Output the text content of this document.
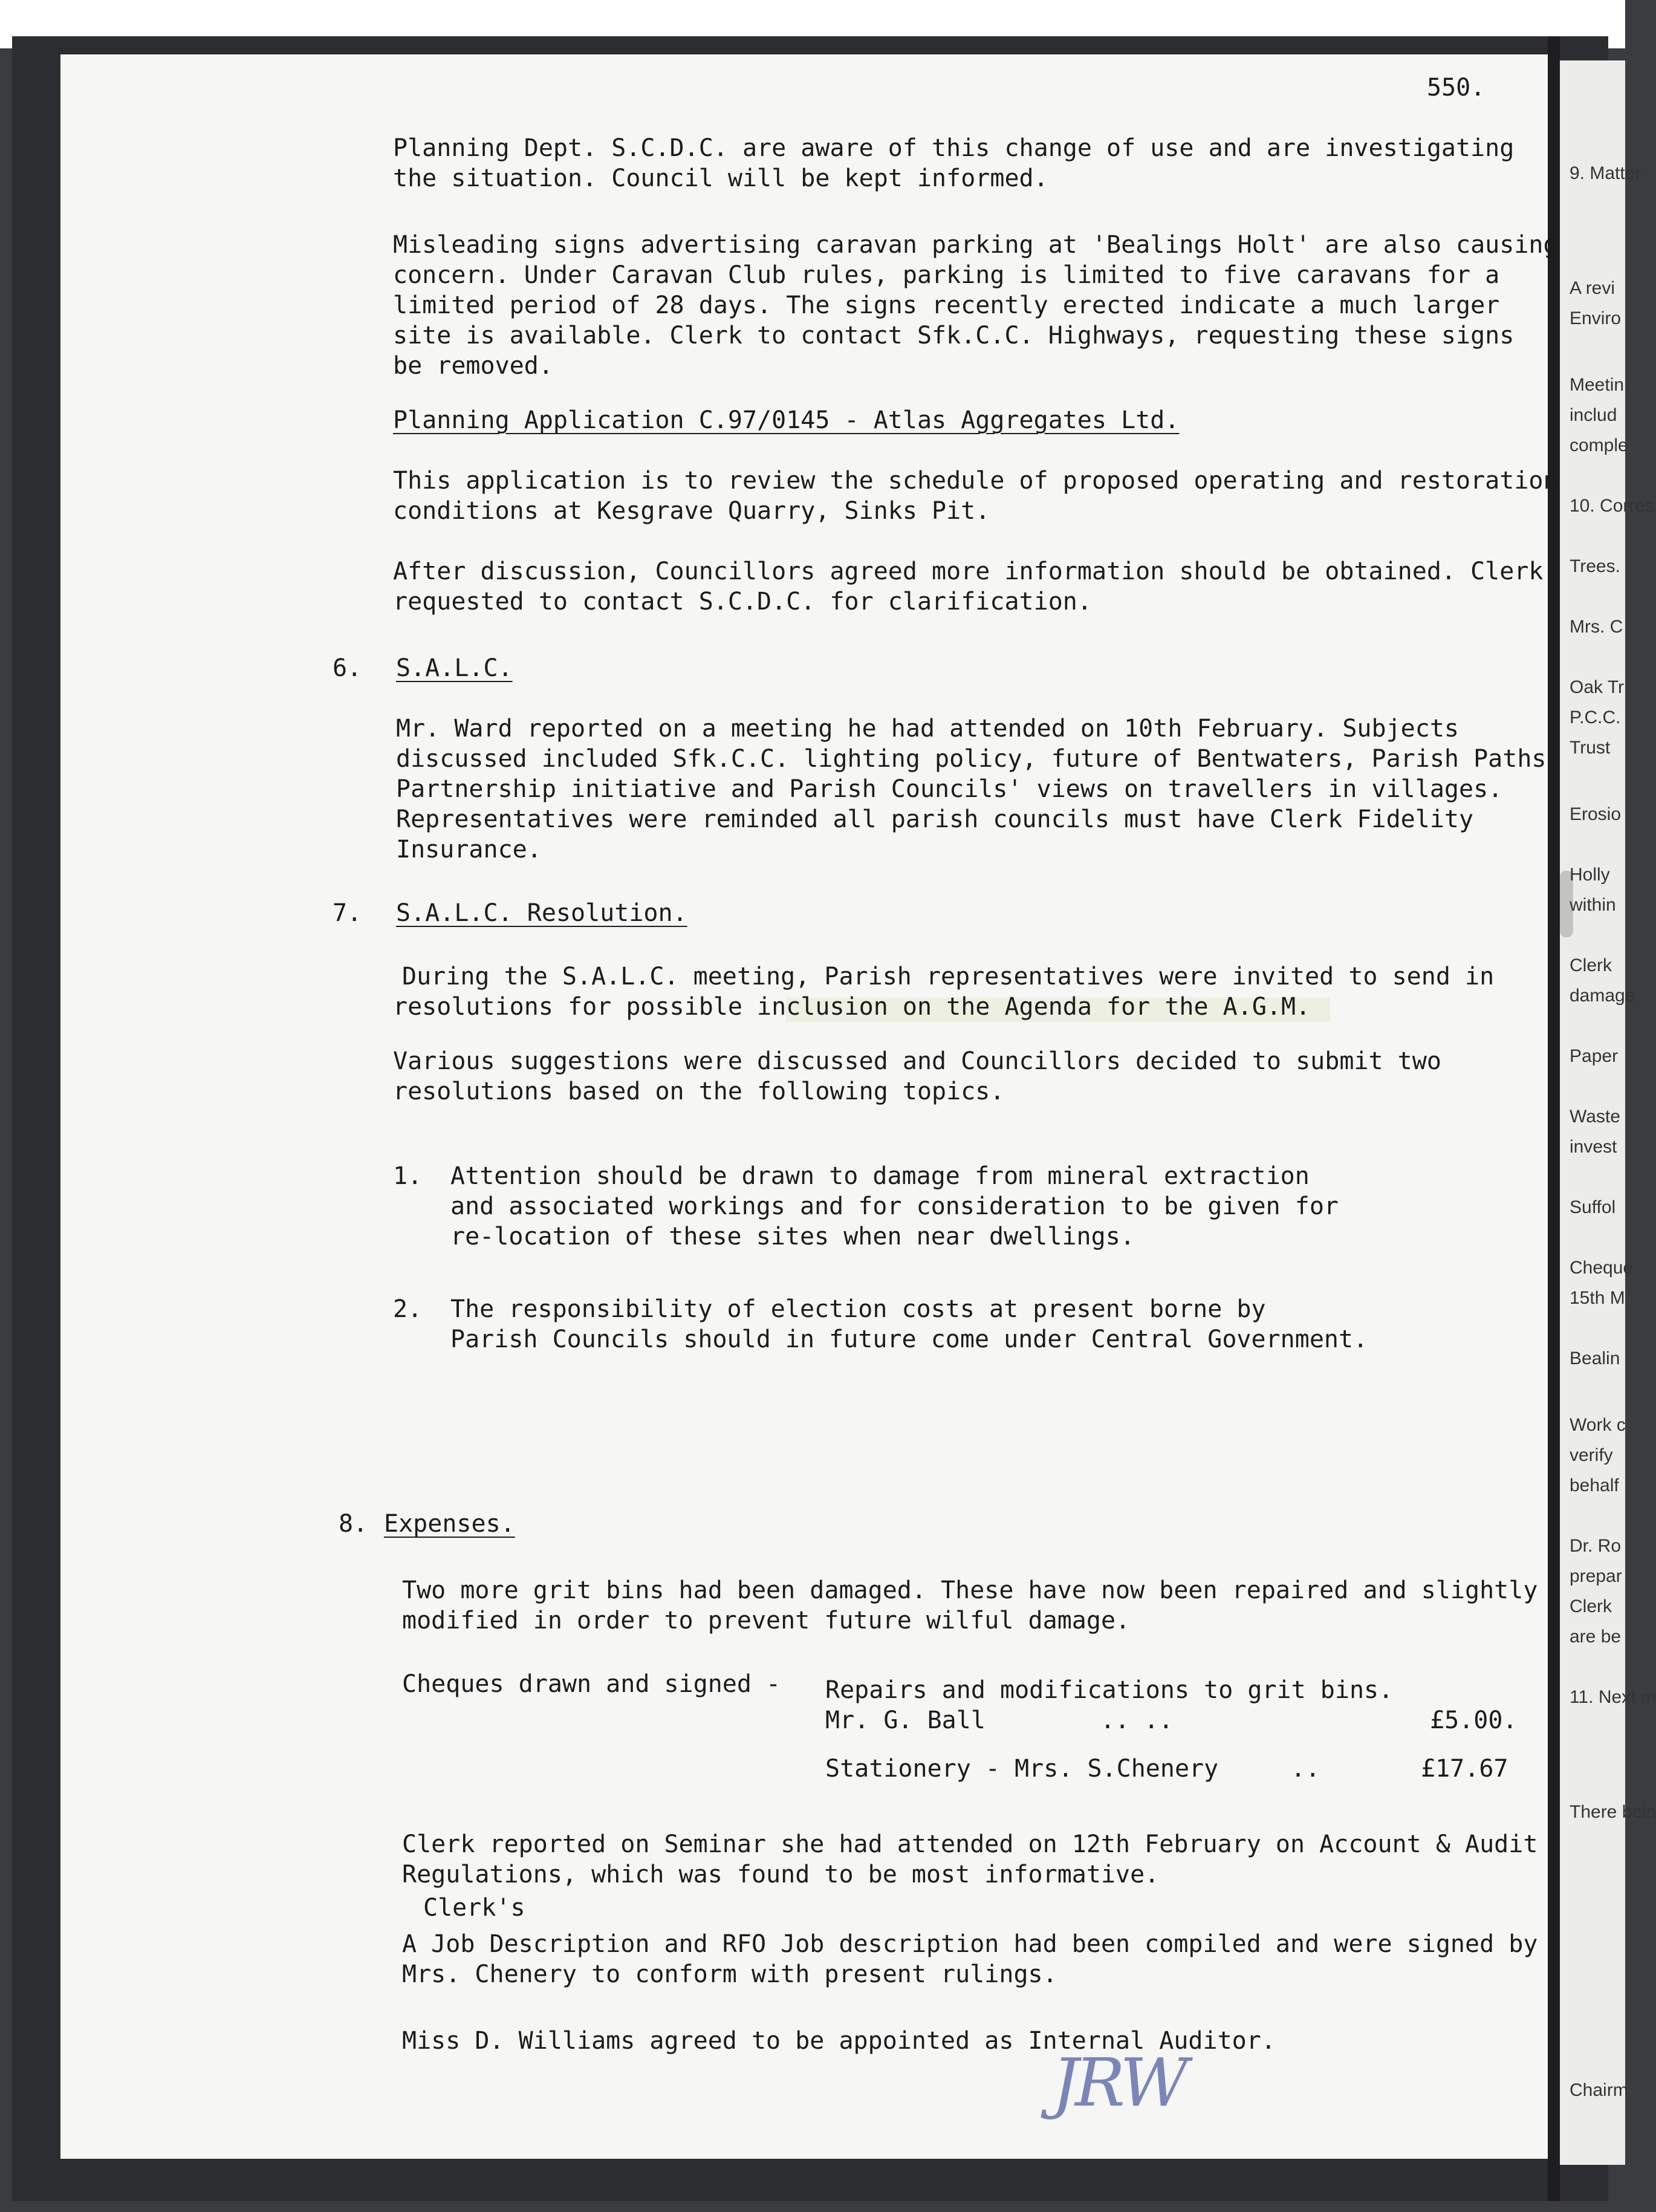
9. Matter
A revi
Enviro
Meetin
includ
comple
10. Corres
Trees.
Mrs. C
Oak Tr
P.C.C.
Trust
Erosio
Holly
within
Clerk
damage
Paper
Waste
invest
Suffol
Cheque
15th M
Bealin
Work c
verify
behalf
Dr. Ro
prepar
Clerk
are be
11. Next m
There bein
Chairm
550.
Planning Dept. S.C.D.C. are aware of this change of use and are investigating
the situation. Council will be kept informed.
Misleading signs advertising caravan parking at 'Bealings Holt' are also causing
concern. Under Caravan Club rules, parking is limited to five caravans for a
limited period of 28 days. The signs recently erected indicate a much larger
site is available. Clerk to contact Sfk.C.C. Highways, requesting these signs
be removed.
Planning Application C.97/0145 - Atlas Aggregates Ltd.
This application is to review the schedule of proposed operating and restoration
conditions at Kesgrave Quarry, Sinks Pit.
After discussion, Councillors agreed more information should be obtained. Clerk
requested to contact S.C.D.C. for clarification.
6. S.A.L.C.
Mr. Ward reported on a meeting he had attended on 10th February. Subjects
discussed included Sfk.C.C. lighting policy, future of Bentwaters, Parish Paths
Partnership initiative and Parish Councils' views on travellers in villages.
Representatives were reminded all parish councils must have Clerk Fidelity
Insurance.
7. S.A.L.C. Resolution.
During the S.A.L.C. meeting, Parish representatives were invited to send in
resolutions for possible inclusion on the Agenda for the A.G.M.
Various suggestions were discussed and Councillors decided to submit two
resolutions based on the following topics.
1. Attention should be drawn to damage from mineral extraction
and associated workings and for consideration to be given for
re-location of these sites when near dwellings.
2. The responsibility of election costs at present borne by
Parish Councils should in future come under Central Government.
8. Expenses.
Two more grit bins had been damaged. These have now been repaired and slightly
modified in order to prevent future wilful damage.
Cheques drawn and signed - Repairs and modifications to grit bins.
Mr. G. Ball	.. ..	£5.00.
Stationery - Mrs. S.Chenery	..	£17.67
Clerk reported on Seminar she had attended on 12th February on Account & Audit
Regulations, which was found to be most informative.
Clerk's
A Job Description and RFO Job description had been compiled and were signed by
Mrs. Chenery to conform with present rulings.
Miss D. Williams agreed to be appointed as Internal Auditor.
JRW
